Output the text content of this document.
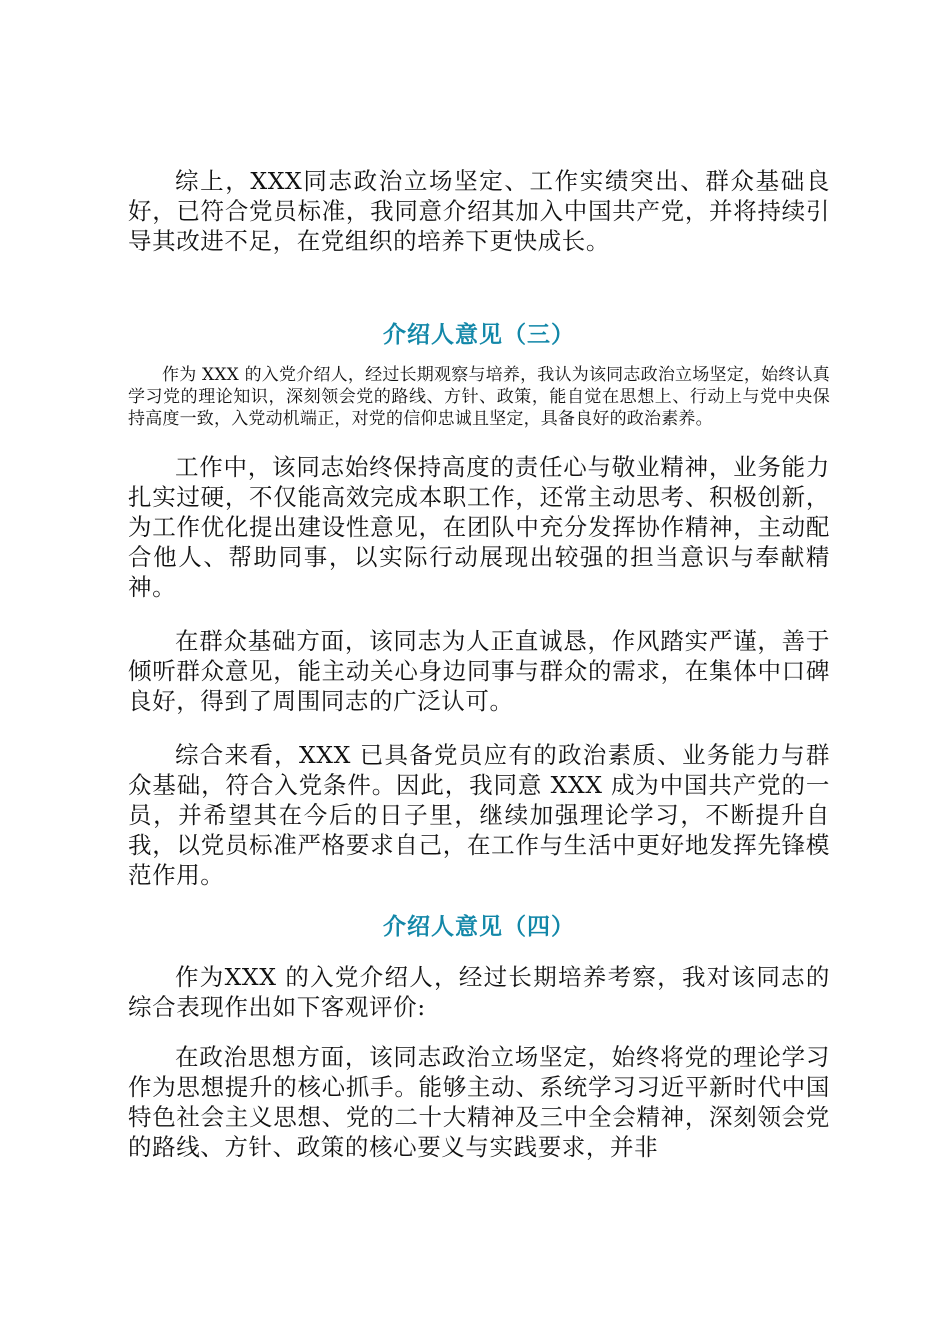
综上，XXX同志政治立场坚定、工作实绩突出、群众基础良好，已符合党员标准，我同意介绍其加入中国共产党，并将持续引导其改进不足，在党组织的培养下更快成长。

介绍人意见（三）

作为 XXX 的入党介绍人，经过长期观察与培养，我认为该同志政治立场坚定，始终认真学习党的理论知识，深刻领会党的路线、方针、政策，能自觉在思想上、行动上与党中央保持高度一致，入党动机端正，对党的信仰忠诚且坚定，具备良好的政治素养。

工作中，该同志始终保持高度的责任心与敬业精神，业务能力扎实过硬，不仅能高效完成本职工作，还常主动思考、积极创新，为工作优化提出建设性意见，在团队中充分发挥协作精神，主动配合他人、帮助同事，以实际行动展现出较强的担当意识与奉献精神。

在群众基础方面，该同志为人正直诚恳，作风踏实严谨，善于倾听群众意见，能主动关心身边同事与群众的需求，在集体中口碑良好，得到了周围同志的广泛认可。

综合来看，XXX 已具备党员应有的政治素质、业务能力与群众基础，符合入党条件。因此，我同意 XXX 成为中国共产党的一员，并希望其在今后的日子里，继续加强理论学习，不断提升自我，以党员标准严格要求自己，在工作与生活中更好地发挥先锋模范作用。

介绍人意见（四）

作为XXX 的入党介绍人，经过长期培养考察，我对该同志的综合表现作出如下客观评价:

在政治思想方面，该同志政治立场坚定，始终将党的理论学习作为思想提升的核心抓手。能够主动、系统学习习近平新时代中国特色社会主义思想、党的二十大精神及三中全会精神，深刻领会党的路线、方针、政策的核心要义与实践要求，并非
